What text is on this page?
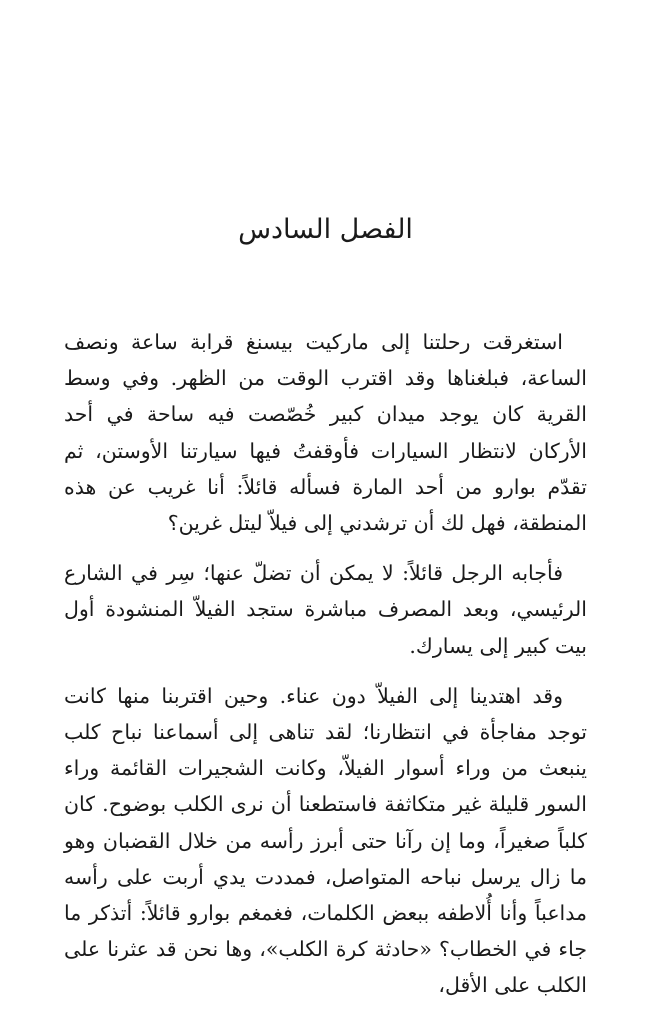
الفصل السادس

استغرقت رحلتنا إلى ماركيت بيسنغ قرابة ساعة ونصف الساعة، فبلغناها وقد اقترب الوقت من الظهر. وفي وسط القرية كان يوجد ميدان كبير خُصّصت فيه ساحة في أحد الأركان لانتظار السيارات فأوقفتُ فيها سيارتنا الأوستن، ثم تقدّم بوارو من أحد المارة فسأله قائلاً: أنا غريب عن هذه المنطقة، فهل لك أن ترشدني إلى فيلاّ ليتل غرين؟

فأجابه الرجل قائلاً: لا يمكن أن تضلّ عنها؛ سِر في الشارع الرئيسي، وبعد المصرف مباشرة ستجد الفيلاّ المنشودة أول بيت كبير إلى يسارك.

وقد اهتدينا إلى الفيلاّ دون عناء. وحين اقتربنا منها كانت توجد مفاجأة في انتظارنا؛ لقد تناهى إلى أسماعنا نباح كلب ينبعث من وراء أسوار الفيلاّ، وكانت الشجيرات القائمة وراء السور قليلة غير متكاثفة فاستطعنا أن نرى الكلب بوضوح. كان كلباً صغيراً، وما إن رآنا حتى أبرز رأسه من خلال القضبان وهو ما زال يرسل نباحه المتواصل، فمددت يدي أربت على رأسه مداعباً وأنا أُلاطفه ببعض الكلمات، فغمغم بوارو قائلاً: أتذكر ما جاء في الخطاب؟ «حادثة كرة الكلب»، وها نحن قد عثرنا على الكلب على الأقل،
